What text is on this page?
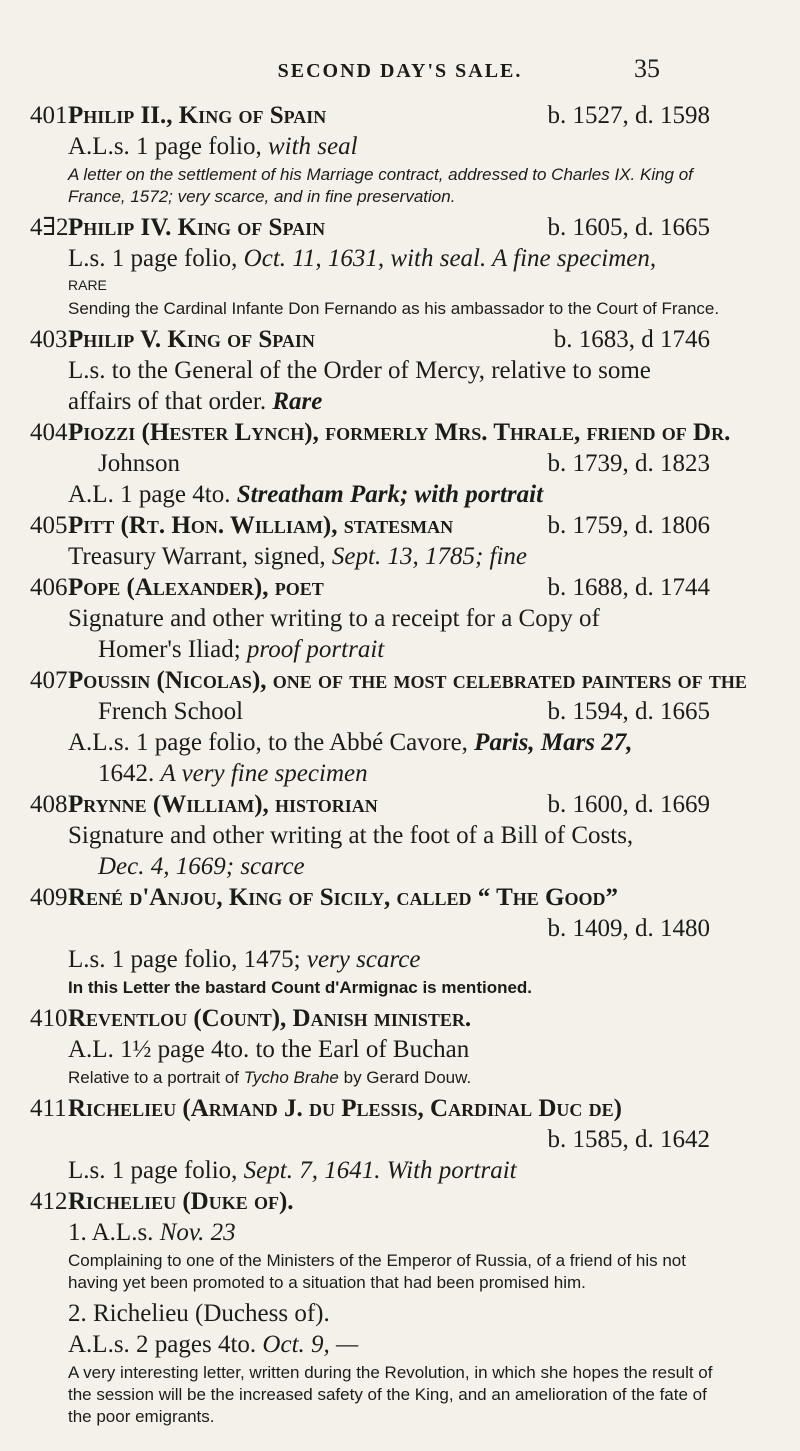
SECOND DAY'S SALE.	35
401Philip II., King of Spain	b. 1527, d. 1598
A.L.s. 1 page folio, with seal
A letter on the settlement of his Marriage contract, addressed to Charles IX. King of France, 1572; very scarce, and in fine preservation.
4∃2Philip IV. King of Spain	b. 1605, d. 1665
L.s. 1 page folio, Oct. 11, 1631, with seal. A fine specimen,
RARE
Sending the Cardinal Infante Don Fernando as his ambassador to the Court of France.
403Philip V. King of Spain	b. 1683, d 1746
L.s. to the General of the Order of Mercy, relative to some
affairs of that order. Rare
404Piozzi (Hester Lynch), formerly Mrs. Thrale, friend of Dr.
Johnson	b. 1739, d. 1823
A.L. 1 page 4to. Streatham Park; with portrait
405Pitt (Rt. Hon. William), statesman	b. 1759, d. 1806
Treasury Warrant, signed, Sept. 13, 1785; fine
406Pope (Alexander), poet	b. 1688, d. 1744
Signature and other writing to a receipt for a Copy of
Homer's Iliad; proof portrait
407Poussin (Nicolas), one of the most celebrated painters of the
French School	b. 1594, d. 1665
A.L.s. 1 page folio, to the Abbé Cavore, Paris, Mars 27,
1642. A very fine specimen
408Prynne (William), historian	b. 1600, d. 1669
Signature and other writing at the foot of a Bill of Costs,
Dec. 4, 1669; scarce
409René d'Anjou, King of Sicily, called “ The Good”
b. 1409, d. 1480

L.s. 1 page folio, 1475; very scarce
In this Letter the bastard Count d'Armignac is mentioned.
410Reventlou (Count), Danish minister.
A.L. 1½ page 4to. to the Earl of Buchan
Relative to a portrait of Tycho Brahe by Gerard Douw.
411Richelieu (Armand J. du Plessis, Cardinal Duc de)
b. 1585, d. 1642

L.s. 1 page folio, Sept. 7, 1641. With portrait
412Richelieu (Duke of).
1. A.L.s. Nov. 23
Complaining to one of the Ministers of the Emperor of Russia, of a friend of his not having yet been promoted to a situation that had been promised him.
2. Richelieu (Duchess of).
A.L.s. 2 pages 4to. Oct. 9, —
A very interesting letter, written during the Revolution, in which she hopes the result of the session will be the increased safety of the King, and an amelioration of the fate of the poor emigrants.
